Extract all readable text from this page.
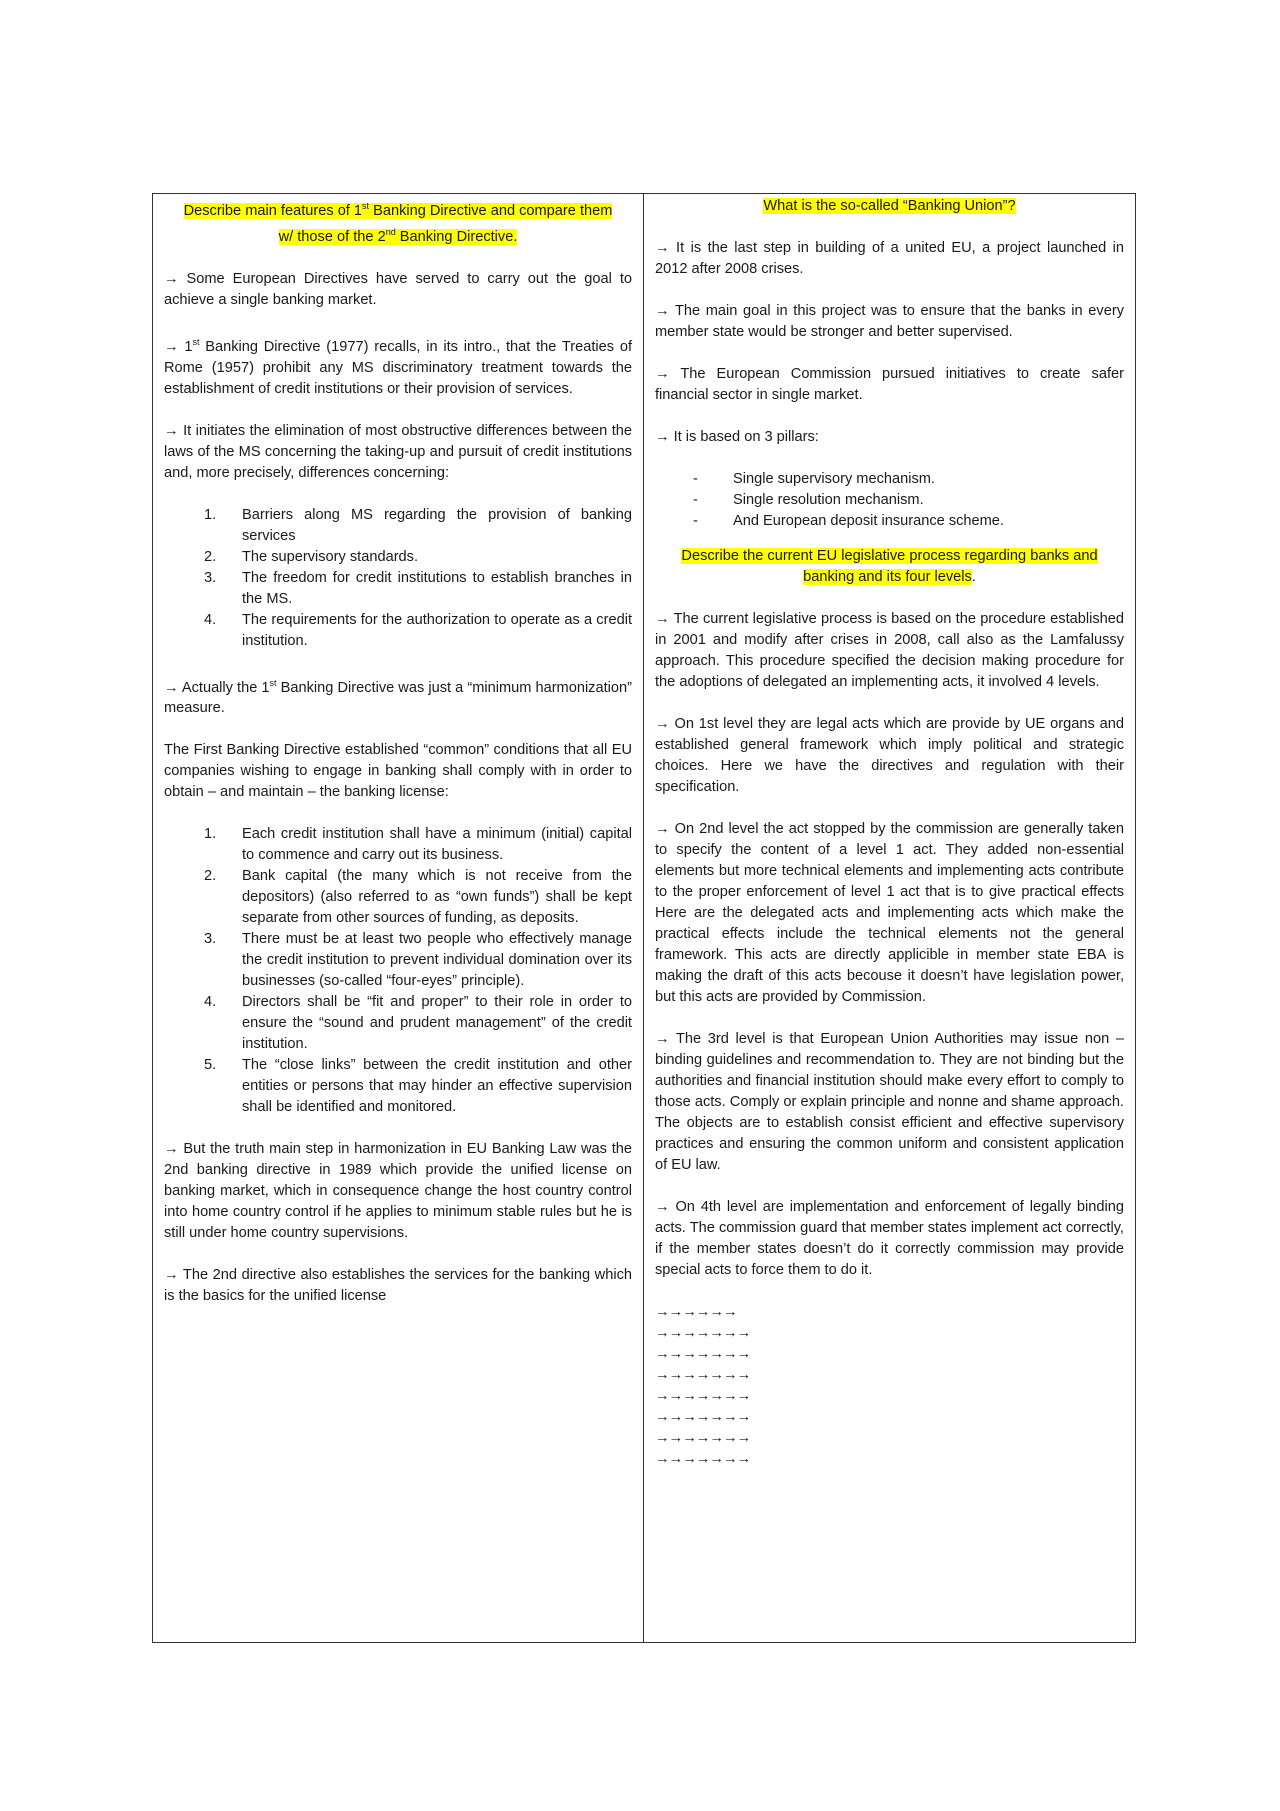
Describe main features of 1st Banking Directive and compare them
w/ those of the 2nd Banking Directive.

→ Some European Directives have served to carry out the goal to achieve a single banking market.

→ 1st Banking Directive (1977) recalls, in its intro., that the Treaties of Rome (1957) prohibit any MS discriminatory treatment towards the establishment of credit institutions or their provision of services.

→ It initiates the elimination of most obstructive differences between the laws of the MS concerning the taking-up and pursuit of credit institutions and, more precisely, differences concerning:

1.	Barriers along MS regarding the provision of banking services
2.	The supervisory standards.
3.	The freedom for credit institutions to establish branches in the MS.
4.	The requirements for the authorization to operate as a credit institution.

→ Actually the 1st Banking Directive was just a “minimum harmonization” measure.

The First Banking Directive established “common” conditions that all EU companies wishing to engage in banking shall comply with in order to obtain – and maintain – the banking license:

1.	Each credit institution shall have a minimum (initial) capital to commence and carry out its business.
2.	Bank capital (the many which is not receive from the depositors) (also referred to as “own funds”) shall be kept separate from other sources of funding, as deposits.
3.	There must be at least two people who effectively manage the credit institution to prevent individual domination over its businesses (so-called “four-eyes” principle).
4.	Directors shall be “fit and proper” to their role in order to ensure the “sound and prudent management” of the credit institution.
5.	The “close links” between the credit institution and other entities or persons that may hinder an effective supervision shall be identified and monitored.

→ But the truth main step in harmonization in EU Banking Law was the 2nd banking directive in 1989 which provide the unified license on banking market, which in consequence change the host country control into home country control if he applies to minimum stable rules but he is still under home country supervisions.

→ The 2nd directive also establishes the services for the banking which is the basics for the unified license

What is the so-called “Banking Union”?

→ It is the last step in building of a united EU, a project launched in 2012 after 2008 crises.

→ The main goal in this project was to ensure that the banks in every member state would be stronger and better supervised.

→ The European Commission pursued initiatives to create safer financial sector in single market.

→ It is based on 3 pillars:

-	Single supervisory mechanism.
-	Single resolution mechanism.
-	And European deposit insurance scheme.
Describe the current EU legislative process regarding banks and
banking and its four levels.

→ The current legislative process is based on the procedure established in 2001 and modify after crises in 2008, call also as the Lamfalussy approach. This procedure specified the decision making procedure for the adoptions of delegated an implementing acts, it involved 4 levels.

→ On 1st level they are legal acts which are provide by UE organs and established general framework which imply political and strategic choices. Here we have the directives and regulation with their specification.

→ On 2nd level the act stopped by the commission are generally taken to specify the content of a level 1 act. They added non-essential elements but more technical elements and implementing acts contribute to the proper enforcement of level 1 act that is to give practical effects Here are the delegated acts and implementing acts which make the practical effects include the technical elements not the general framework. This acts are directly applicible in member state EBA is making the draft of this acts becouse it doesn’t have legislation power, but this acts are provided by Commission.

→ The 3rd level is that European Union Authorities may issue non – binding guidelines and recommendation to. They are not binding but the authorities and financial institution should make every effort to comply to those acts. Comply or explain principle and nonne and shame approach. The objects are to establish consist efficient and effective supervisory practices and ensuring the common uniform and consistent application of EU law.

→ On 4th level are implementation and enforcement of legally binding acts. The commission guard that member states implement act correctly, if the member states doesn’t do it correctly commission may provide special acts to force them to do it.

→→→→→→
→→→→→→→
→→→→→→→
→→→→→→→
→→→→→→→
→→→→→→→
→→→→→→→
→→→→→→→
